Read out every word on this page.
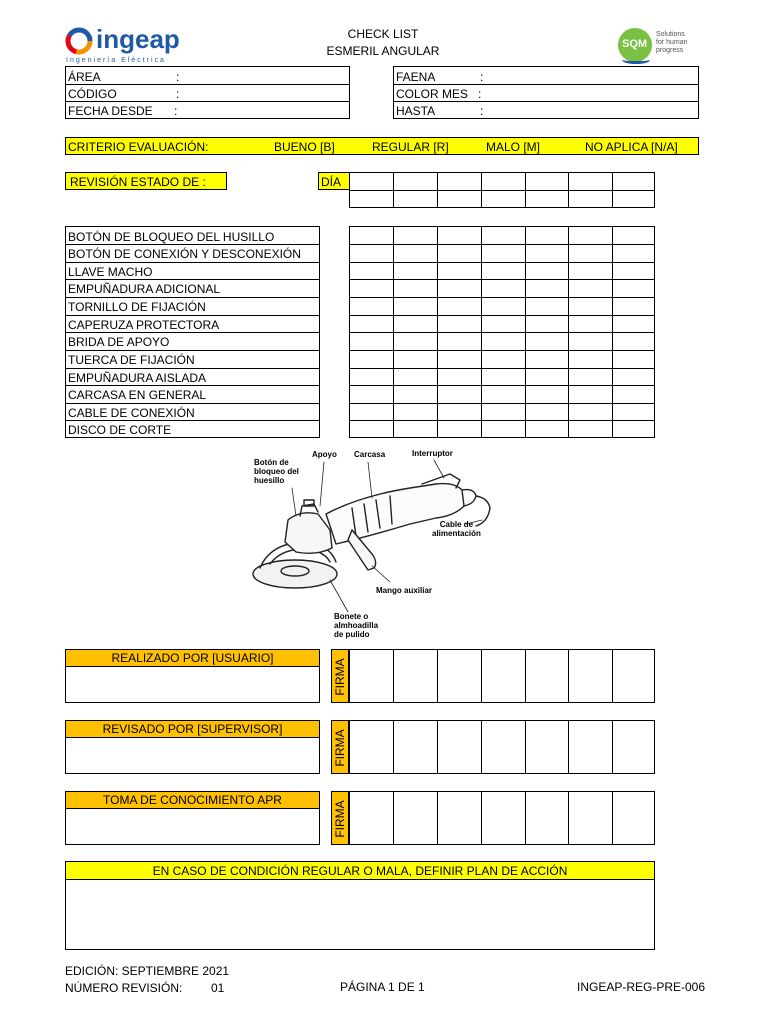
ingeap
Ingeniería Eléctrica
CHECK LIST
ESMERIL ANGULAR	SQM
Solutions
for human
progress
ÁREA	:
CÓDIGO	:
FECHA DESDE :
FAENA	:
COLOR MES :
HASTA	:
CRITERIO EVALUACIÓN:	BUENO [B]	REGULAR [R]	MALO [M]	NO APLICA [N/A]
REVISIÓN ESTADO DE :	DÍA
BOTÓN DE BLOQUEO DEL HUSILLO
BOTÓN DE CONEXIÓN Y DESCONEXIÓN
LLAVE MACHO
EMPUÑADURA ADICIONAL
TORNILLO DE FIJACIÓN
CAPERUZA PROTECTORA
BRIDA DE APOYO
TUERCA DE FIJACIÓN
EMPUÑADURA AISLADA
CARCASA EN GENERAL
CABLE DE CONEXIÓN
DISCO DE CORTE
Botón de
bloqueo del
huesillo
Apoyo Carcasa	Interruptor
Cable de
alimentación
Mango auxiliar
Bonete o
almhoadilla
de pulido
REALIZADO POR [USUARIO]
FIRMA
REVISADO POR [SUPERVISOR]
FIRMA
TOMA DE CONOCIMIENTO APR
FIRMA
EN CASO DE CONDICIÓN REGULAR O MALA, DEFINIR PLAN DE ACCIÓN
EDICIÓN: SEPTIEMBRE 2021
NÚMERO REVISIÓN: 01	PÁGINA 1 DE 1	INGEAP-REG-PRE-006
